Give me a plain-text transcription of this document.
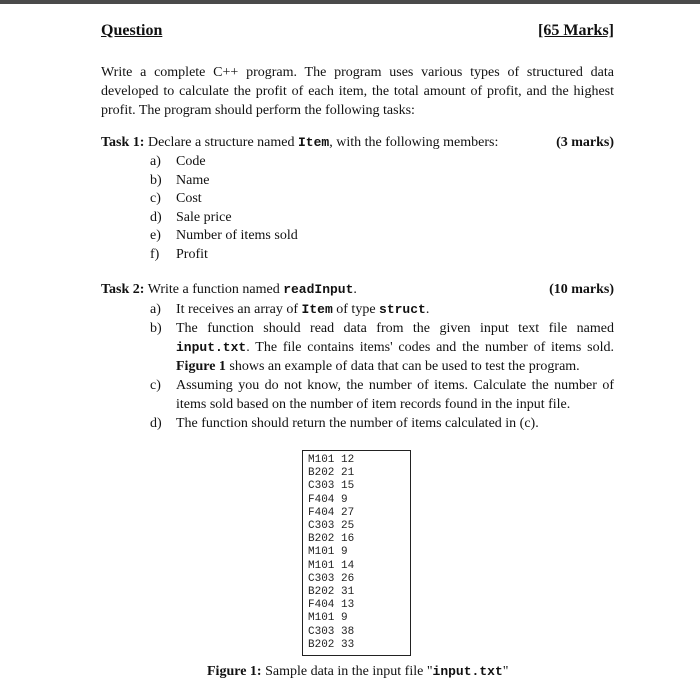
Question	[65 Marks]
Write a complete C++ program. The program uses various types of structured data developed to calculate the profit of each item, the total amount of profit, and the highest profit. The program should perform the following tasks:
Task 1: Declare a structure named Item, with the following members:	(3 marks)
a)	Code
b)	Name
c)	Cost
d)	Sale price
e)	Number of items sold
f)	Profit
Task 2: Write a function named readInput.	(10 marks)
a)	It receives an array of Item of type struct.
b)	The function should read data from the given input text file named input.txt. The file contains items' codes and the number of items sold. Figure 1 shows an example of data that can be used to test the program.
c)	Assuming you do not know, the number of items. Calculate the number of items sold based on the number of item records found in the input file.
d)	The function should return the number of items calculated in (c).
M101 12
B202 21
C303 15
F404 9
F404 27
C303 25
B202 16
M101 9
M101 14
C303 26
B202 31
F404 13
M101 9
C303 38
B202 33
Figure 1: Sample data in the input file "input.txt"
